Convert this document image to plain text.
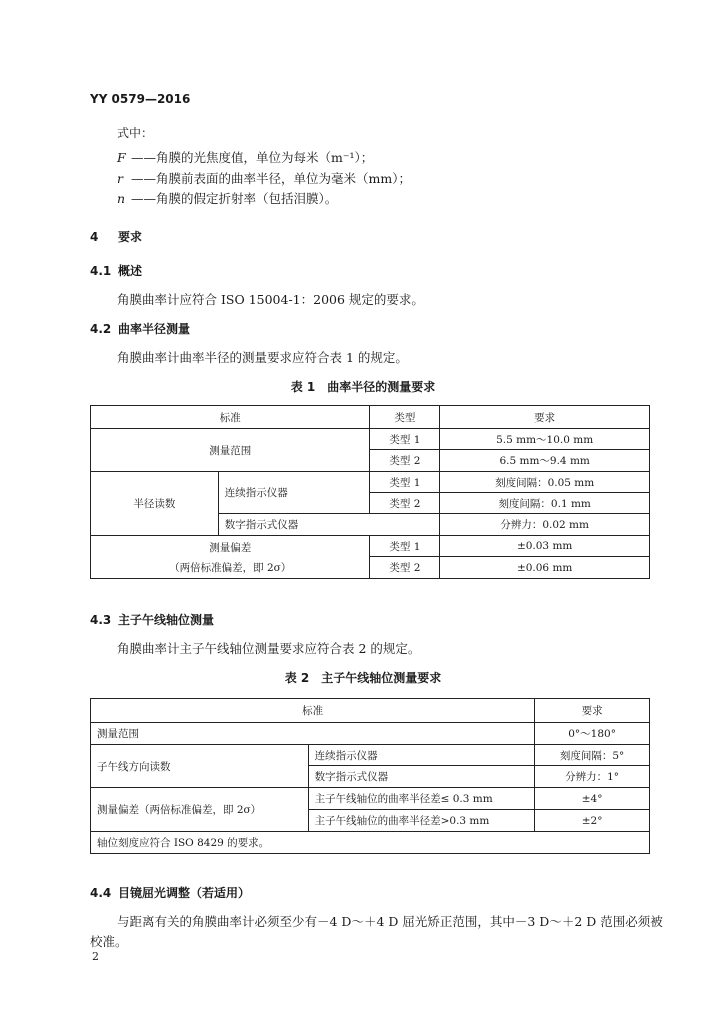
YY 0579—2016
式中：
F ——角膜的光焦度值，单位为每米（m⁻¹）；
r ——角膜前表面的曲率半径，单位为毫米（mm）；
n ——角膜的假定折射率（包括泪膜）。
4 要求
4.1 概述
角膜曲率计应符合 ISO 15004-1：2006 规定的要求。
4.2 曲率半径测量
角膜曲率计曲率半径的测量要求应符合表 1 的规定。
表 1　曲率半径的测量要求
标准		类型	要求
测量范围		类型 1	5.5 mm～10.0 mm
		类型 2	6.5 mm～9.4 mm
半径读数	连续指示仪器	类型 1	刻度间隔：0.05 mm
		类型 2	刻度间隔：0.1 mm
	数字指示式仪器		分辨力：0.02 mm

测量偏差
（两倍标准偏差，即 2σ）		类型 1	±0.03 mm
		类型 2	±0.06 mm
4.3 主子午线轴位测量
角膜曲率计主子午线轴位测量要求应符合表 2 的规定。
表 2　主子午线轴位测量要求
标准		要求
测量范围		0°～180°
子午线方向读数	连续指示仪器	刻度间隔：5°
	数字指示式仪器	分辨力：1°
测量偏差（两倍标准偏差，即 2σ）	主子午线轴位的曲率半径差≤ 0.3 mm	±4°
	主子午线轴位的曲率半径差>0.3 mm	±2°
轴位刻度应符合 ISO 8429 的要求。		
4.4 目镜屈光调整（若适用）
与距离有关的角膜曲率计必须至少有－4 D～＋4 D 屈光矫正范围，其中－3 D～＋2 D 范围必须被
校准。
2
